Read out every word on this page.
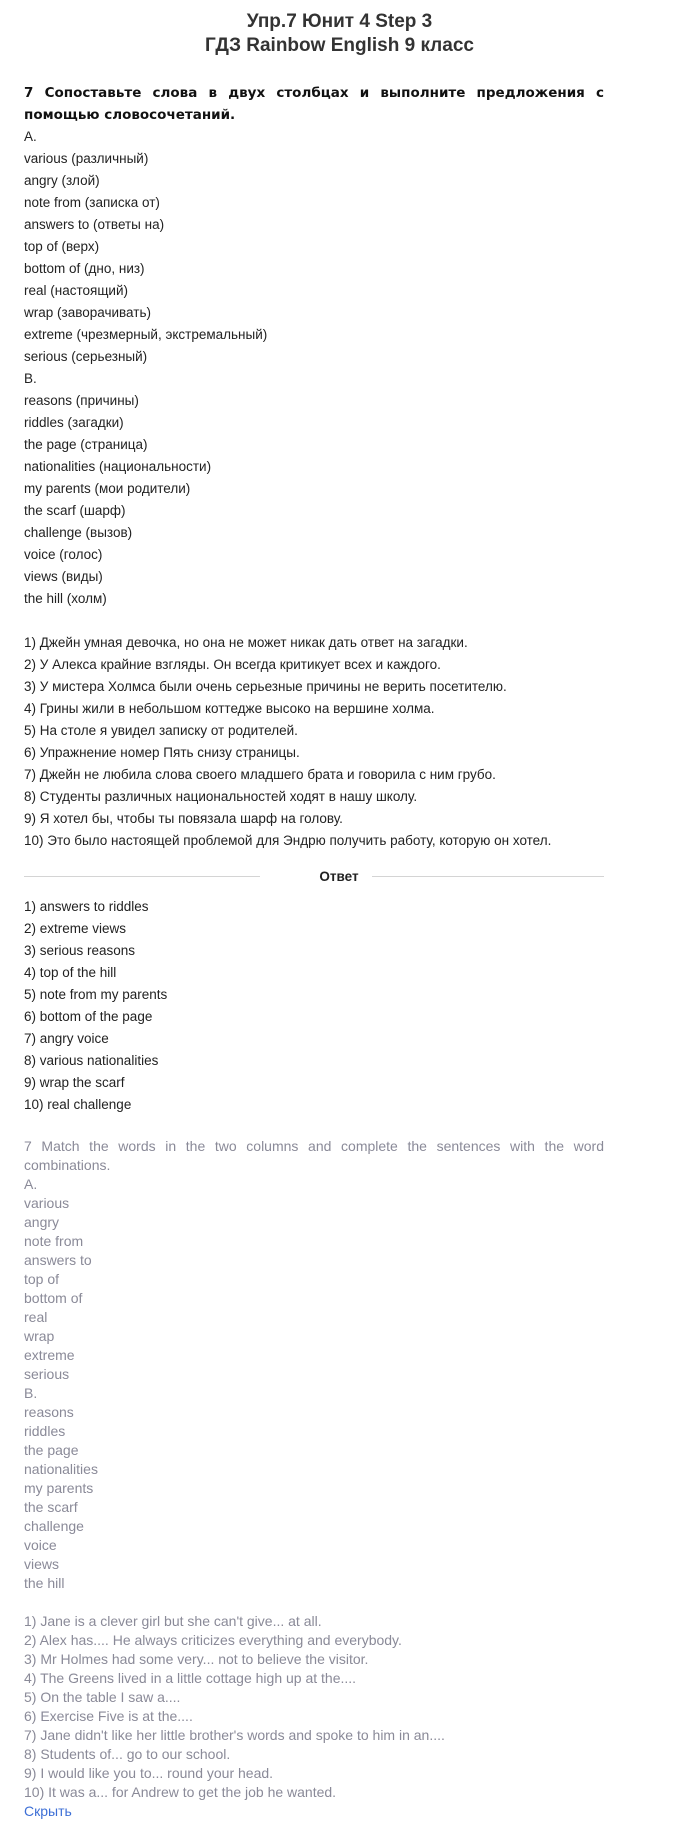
Упр.7 Юнит 4 Step 3
ГДЗ Rainbow English 9 класс
7 Сопоставьте слова в двух столбцах и выполните предложения с помощью словосочетаний.
A.
various (различный)
angry (злой)
note from (записка от)
answers to (ответы на)
top of (верх)
bottom of (дно, низ)
real (настоящий)
wrap (заворачивать)
extreme (чрезмерный, экстремальный)
serious (серьезный)
B.
reasons (причины)
riddles (загадки)
the page (страница)
nationalities (национальности)
my parents (мои родители)
the scarf (шарф)
challenge (вызов)
voice (голос)
views (виды)
the hill (холм)
1) Джейн умная девочка, но она не может никак дать ответ на загадки.
2) У Алекса крайние взгляды. Он всегда критикует всех и каждого.
3) У мистера Холмса были очень серьезные причины не верить посетителю.
4) Грины жили в небольшом коттедже высоко на вершине холма.
5) На столе я увидел записку от родителей.
6) Упражнение номер Пять снизу страницы.
7) Джейн не любила слова своего младшего брата и говорила с ним грубо.
8) Студенты различных национальностей ходят в нашу школу.
9) Я хотел бы, чтобы ты повязала шарф на голову.
10) Это было настоящей проблемой для Эндрю получить работу, которую он хотел.
Ответ
1) answers to riddles
2) extreme views
3) serious reasons
4) top of the hill
5) note from my parents
6) bottom of the page
7) angry voice
8) various nationalities
9) wrap the scarf
10) real challenge
7 Match the words in the two columns and complete the sentences with the word combinations.
A.
various
angry
note from
answers to
top of
bottom of
real
wrap
extreme
serious
B.
reasons
riddles
the page
nationalities
my parents
the scarf
challenge
voice
views
the hill
1) Jane is a clever girl but she can't give... at all.
2) Alex has.... He always criticizes everything and everybody.
3) Mr Holmes had some very... not to believe the visitor.
4) The Greens lived in a little cottage high up at the....
5) On the table I saw a....
6) Exercise Five is at the....
7) Jane didn't like her little brother's words and spoke to him in an....
8) Students of... go to our school.
9) I would like you to... round your head.
10) It was a... for Andrew to get the job he wanted.
Скрыть
